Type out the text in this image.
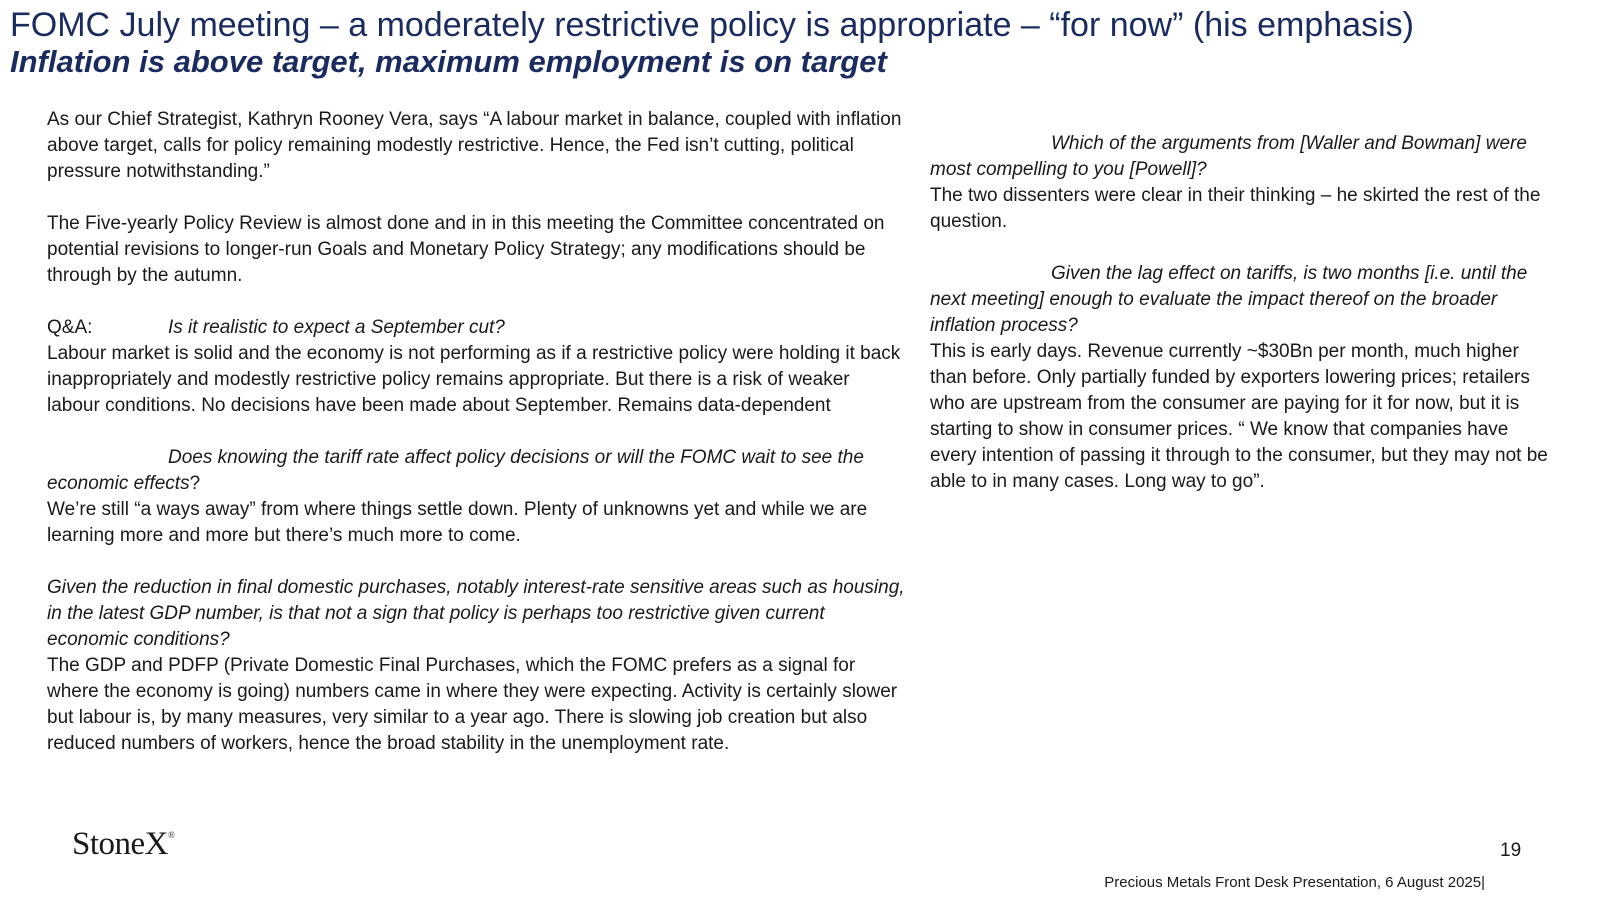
FOMC July meeting – a moderately restrictive policy is appropriate – “for now” (his emphasis)
Inflation is above target, maximum employment is on target

As our Chief Strategist, Kathryn Rooney Vera, says “A labour market in balance, coupled with inflation above target, calls for policy remaining modestly restrictive. Hence, the Fed isn’t cutting, political pressure notwithstanding.”

The Five-yearly Policy Review is almost done and in in this meeting the Committee concentrated on potential revisions to longer-run Goals and Monetary Policy Strategy; any modifications should be through by the autumn.

Q&A:	Is it realistic to expect a September cut?

Labour market is solid and the economy is not performing as if a restrictive policy were holding it back inappropriately and modestly restrictive policy remains appropriate. But there is a risk of weaker labour conditions. No decisions have been made about September. Remains data-dependent

Does knowing the tariff rate affect policy decisions or will the FOMC wait to see the economic effects?

We’re still “a ways away” from where things settle down. Plenty of unknowns yet and while we are learning more and more but there’s much more to come.

Given the reduction in final domestic purchases, notably interest-rate sensitive areas such as housing, in the latest GDP number, is that not a sign that policy is perhaps too restrictive given current economic conditions?

The GDP and PDFP (Private Domestic Final Purchases, which the FOMC prefers as a signal for where the economy is going) numbers came in where they were expecting. Activity is certainly slower but labour is, by many measures, very similar to a year ago. There is slowing job creation but also reduced numbers of workers, hence the broad stability in the unemployment rate.

Which of the arguments from [Waller and Bowman] were most compelling to you [Powell]?

The two dissenters were clear in their thinking – he skirted the rest of the question.

Given the lag effect on tariffs, is two months [i.e. until the next meeting] enough to evaluate the impact thereof on the broader inflation process?

This is early days. Revenue currently ~$30Bn per month, much higher than before. Only partially funded by exporters lowering prices; retailers who are upstream from the consumer are paying for it for now, but it is starting to show in consumer prices. “ We know that companies have every intention of passing it through to the consumer, but they may not be able to in many cases. Long way to go”.

StoneX®
19
Precious Metals Front Desk Presentation, 6 August 2025|
